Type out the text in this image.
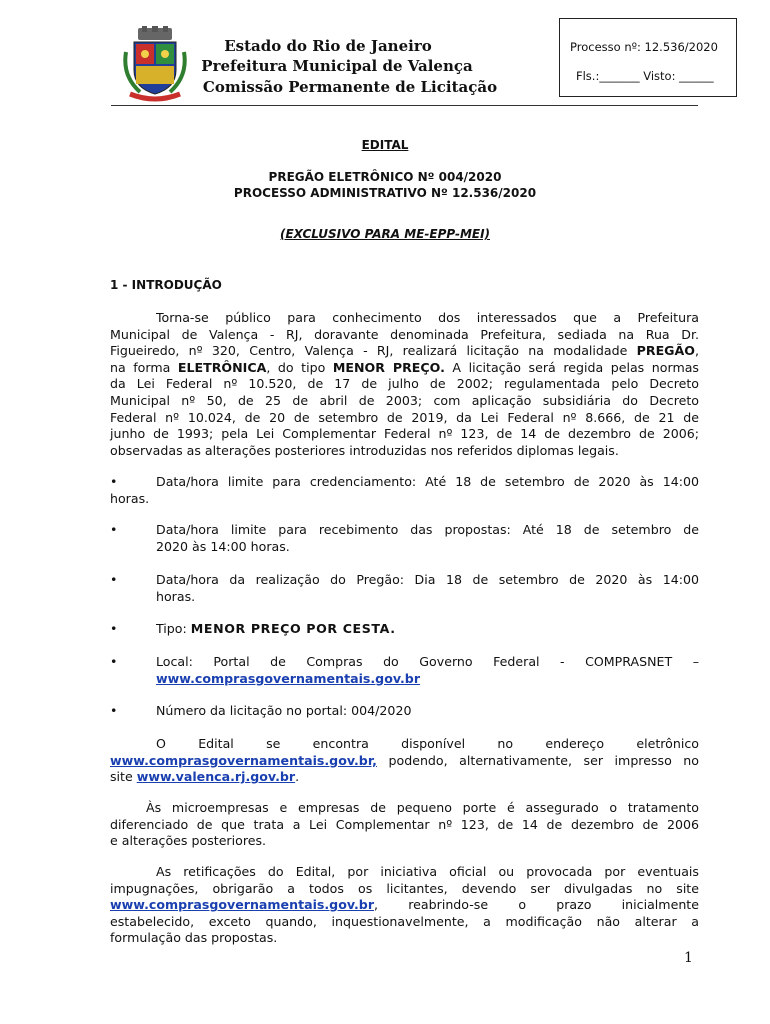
Estado do Rio de Janeiro
Prefeitura Municipal de Valença
Comissão Permanente de Licitação
Processo nº: 12.536/2020
Fls.:_______ Visto: ______
EDITAL
PREGÃO ELETRÔNICO Nº 004/2020
PROCESSO ADMINISTRATIVO Nº 12.536/2020
(EXCLUSIVO PARA ME-EPP-MEI)
1 - INTRODUÇÃO
Torna-se público para conhecimento dos interessados que a Prefeitura
Municipal de Valença - RJ, doravante denominada Prefeitura, sediada na Rua Dr.
Figueiredo, nº 320, Centro, Valença - RJ, realizará licitação na modalidade PREGÃO,
na forma ELETRÔNICA, do tipo MENOR PREÇO. A licitação será regida pelas normas
da Lei Federal nº 10.520, de 17 de julho de 2002; regulamentada pelo Decreto
Municipal nº 50, de 25 de abril de 2003; com aplicação subsidiária do Decreto
Federal nº 10.024, de 20 de setembro de 2019, da Lei Federal nº 8.666, de 21 de
junho de 1993; pela Lei Complementar Federal nº 123, de 14 de dezembro de 2006;
observadas as alterações posteriores introduzidas nos referidos diplomas legais.
•	Data/hora limite para credenciamento: Até 18 de setembro de 2020 às 14:00
horas.
•	Data/hora limite para recebimento das propostas: Até 18 de setembro de
2020 às 14:00 horas.
•	Data/hora da realização do Pregão: Dia 18 de setembro de 2020 às 14:00
horas.
•	Tipo: MENOR PREÇO POR CESTA.
•	Local: Portal de Compras do Governo Federal - COMPRASNET –
www.comprasgovernamentais.gov.br
•	Número da licitação no portal: 004/2020
O Edital se encontra disponível no endereço eletrônico
www.comprasgovernamentais.gov.br, podendo, alternativamente, ser impresso no
site www.valenca.rj.gov.br.
Às microempresas e empresas de pequeno porte é assegurado o tratamento
diferenciado de que trata a Lei Complementar nº 123, de 14 de dezembro de 2006
e alterações posteriores.
As retificações do Edital, por iniciativa oficial ou provocada por eventuais
impugnações, obrigarão a todos os licitantes, devendo ser divulgadas no site
www.comprasgovernamentais.gov.br, reabrindo-se o prazo inicialmente
estabelecido, exceto quando, inquestionavelmente, a modificação não alterar a
formulação das propostas.
1
